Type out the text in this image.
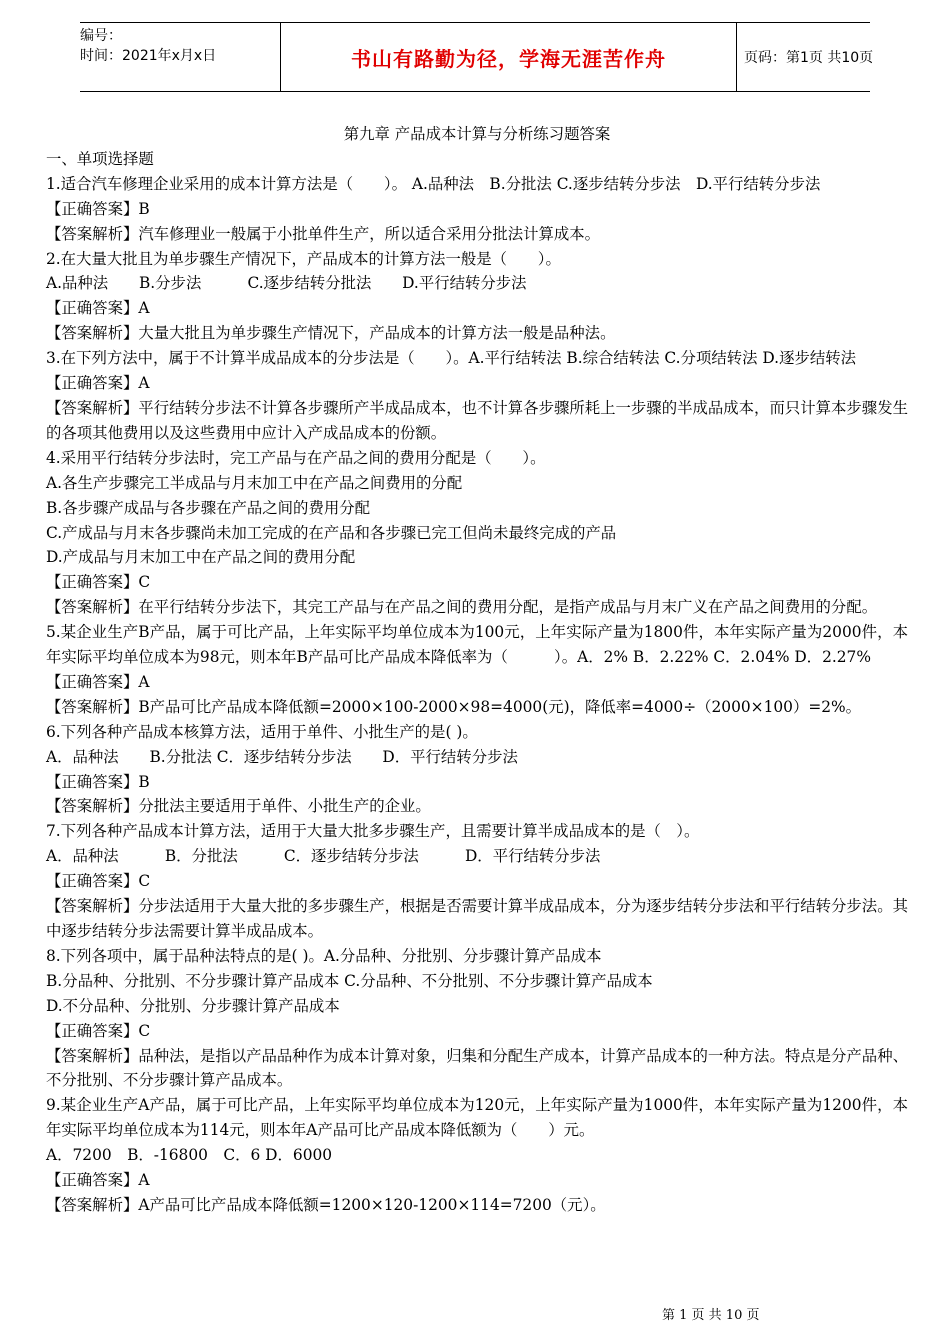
编号：
时间：2021年x月x日	书山有路勤为径，学海无涯苦作舟	页码：第1页 共10页

第九章 产品成本计算与分析练习题答案

一、单项选择题

1.适合汽车修理企业采用的成本计算方法是（　　）。 A.品种法　B.分批法 C.逐步结转分步法　D.平行结转分步法

【正确答案】B

【答案解析】汽车修理业一般属于小批单件生产，所以适合采用分批法计算成本。

2.在大量大批且为单步骤生产情况下，产品成本的计算方法一般是（　　）。

A.品种法　　B.分步法　　　C.逐步结转分批法　　D.平行结转分步法

【正确答案】A

【答案解析】大量大批且为单步骤生产情况下，产品成本的计算方法一般是品种法。

3.在下列方法中，属于不计算半成品成本的分步法是（　　）。A.平行结转法 B.综合结转法 C.分项结转法 D.逐步结转法

【正确答案】A

【答案解析】平行结转分步法不计算各步骤所产半成品成本，也不计算各步骤所耗上一步骤的半成品成本，而只计算本步骤发生的各项其他费用以及这些费用中应计入产成品成本的份额。

4.采用平行结转分步法时，完工产品与在产品之间的费用分配是（　　）。

A.各生产步骤完工半成品与月末加工中在产品之间费用的分配

B.各步骤产成品与各步骤在产品之间的费用分配

C.产成品与月末各步骤尚未加工完成的在产品和各步骤已完工但尚未最终完成的产品

D.产成品与月末加工中在产品之间的费用分配

【正确答案】C

【答案解析】在平行结转分步法下，其完工产品与在产品之间的费用分配，是指产成品与月末广义在产品之间费用的分配。

5.某企业生产B产品，属于可比产品，上年实际平均单位成本为100元，上年实际产量为1800件，本年实际产量为2000件，本年实际平均单位成本为98元，则本年B产品可比产品成本降低率为（　　　）。A．2% B．2.22% C．2.04% D．2.27%

【正确答案】A

【答案解析】B产品可比产品成本降低额=2000×100-2000×98=4000(元)，降低率=4000÷（2000×100）=2%。

6.下列各种产品成本核算方法，适用于单件、小批生产的是( )。

A．品种法　　B.分批法 C．逐步结转分步法　　D．平行结转分步法

【正确答案】B

【答案解析】分批法主要适用于单件、小批生产的企业。

7.下列各种产品成本计算方法，适用于大量大批多步骤生产，且需要计算半成品成本的是（　）。

A．品种法　　　B．分批法　　　C．逐步结转分步法　　　D．平行结转分步法

【正确答案】C

【答案解析】分步法适用于大量大批的多步骤生产，根据是否需要计算半成品成本，分为逐步结转分步法和平行结转分步法。其中逐步结转分步法需要计算半成品成本。

8.下列各项中，属于品种法特点的是( )。A.分品种、分批别、分步骤计算产品成本

B.分品种、分批别、不分步骤计算产品成本 C.分品种、不分批别、不分步骤计算产品成本

D.不分品种、分批别、分步骤计算产品成本

【正确答案】C

【答案解析】品种法，是指以产品品种作为成本计算对象，归集和分配生产成本，计算产品成本的一种方法。特点是分产品种、不分批别、不分步骤计算产品成本。

9.某企业生产A产品，属于可比产品，上年实际平均单位成本为120元，上年实际产量为1000件，本年实际产量为1200件，本年实际平均单位成本为114元，则本年A产品可比产品成本降低额为（　　）元。

A．7200　B．-16800　C．6 D．6000

【正确答案】A

【答案解析】A产品可比产品成本降低额=1200×120-1200×114=7200（元）。

第 1 页 共 10 页
